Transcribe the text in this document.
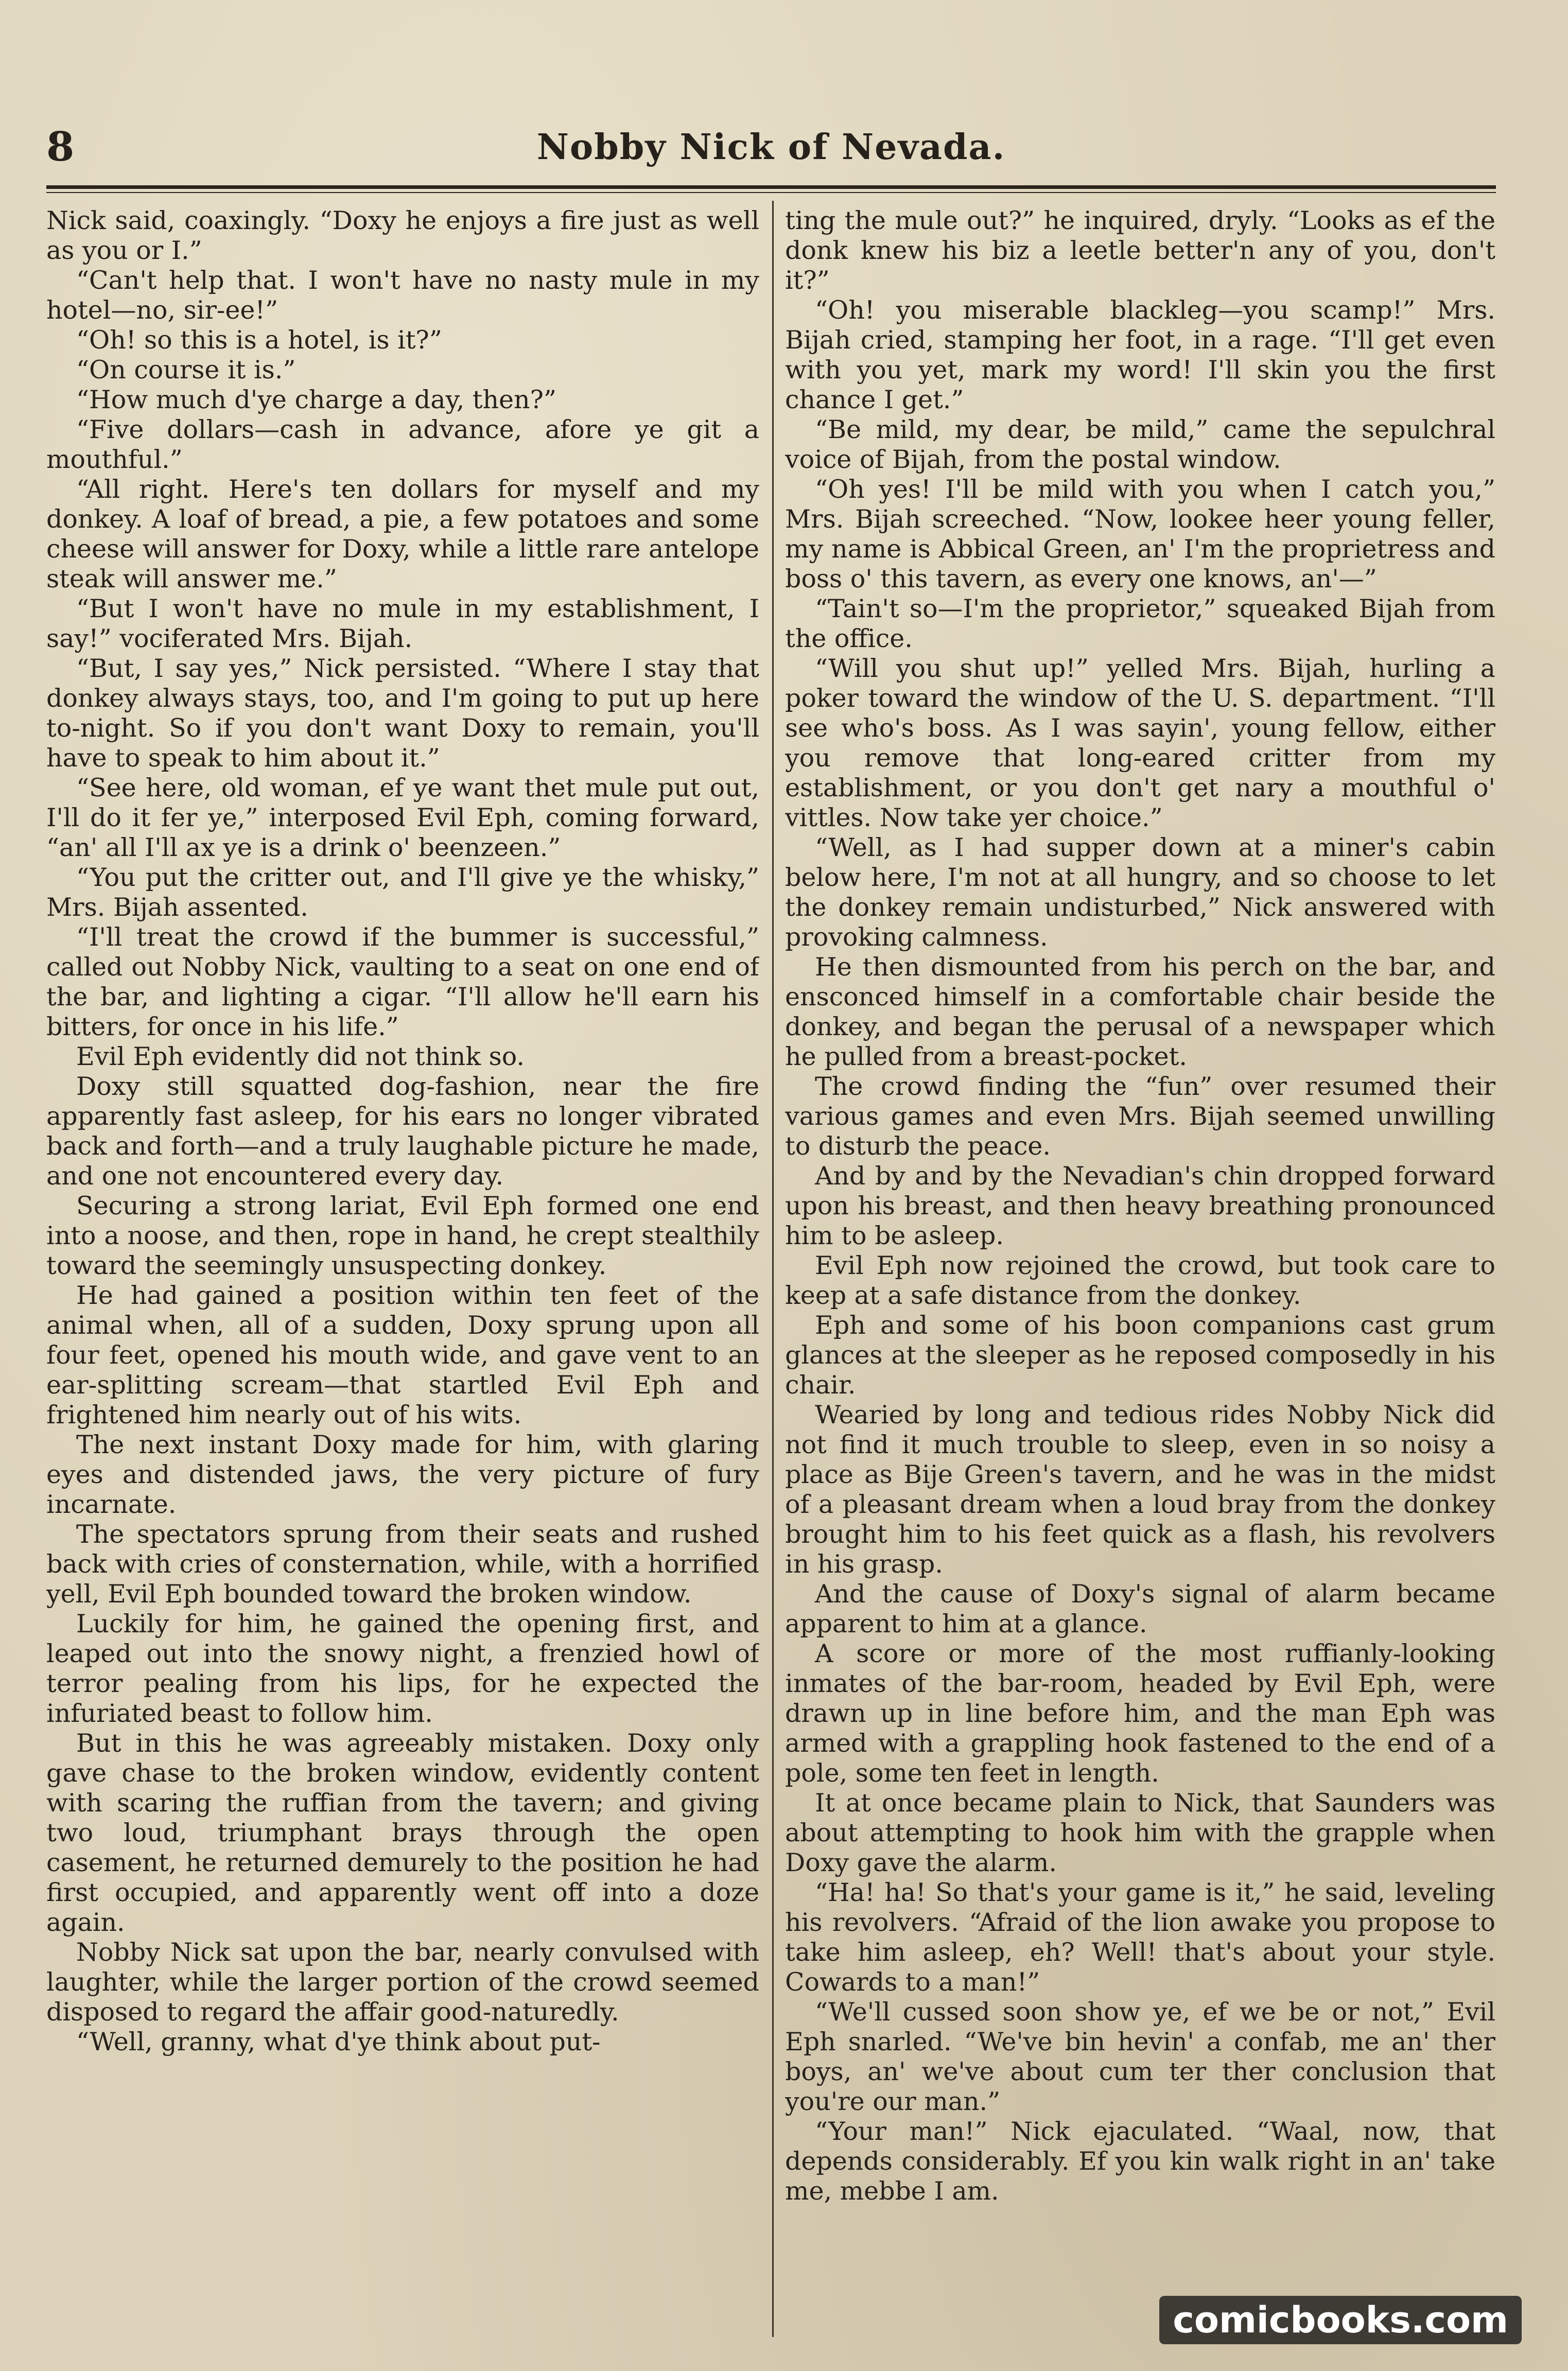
8	Nobby Nick of Nevada.

Nick said, coaxingly. “Doxy he enjoys a fire just as well as you or I.”

“Can't help that. I won't have no nasty mule in my hotel—no, sir-ee!”

“Oh! so this is a hotel, is it?”

“On course it is.”

“How much d'ye charge a day, then?”

“Five dollars—cash in advance, afore ye git a mouthful.”

“All right. Here's ten dollars for myself and my donkey. A loaf of bread, a pie, a few potatoes and some cheese will answer for Doxy, while a little rare antelope steak will answer me.”

“But I won't have no mule in my establishment, I say!” vociferated Mrs. Bijah.

“But, I say yes,” Nick persisted. “Where I stay that donkey always stays, too, and I'm going to put up here to-night. So if you don't want Doxy to remain, you'll have to speak to him about it.”

“See here, old woman, ef ye want thet mule put out, I'll do it fer ye,” interposed Evil Eph, coming forward, “an' all I'll ax ye is a drink o' beenzeen.”

“You put the critter out, and I'll give ye the whisky,” Mrs. Bijah assented.

“I'll treat the crowd if the bummer is successful,” called out Nobby Nick, vaulting to a seat on one end of the bar, and lighting a cigar. “I'll allow he'll earn his bitters, for once in his life.”

Evil Eph evidently did not think so.

Doxy still squatted dog-fashion, near the fire apparently fast asleep, for his ears no longer vibrated back and forth—and a truly laughable picture he made, and one not encountered every day.

Securing a strong lariat, Evil Eph formed one end into a noose, and then, rope in hand, he crept stealthily toward the seemingly unsuspecting donkey.

He had gained a position within ten feet of the animal when, all of a sudden, Doxy sprung upon all four feet, opened his mouth wide, and gave vent to an ear-splitting scream—that startled Evil Eph and frightened him nearly out of his wits.

The next instant Doxy made for him, with glaring eyes and distended jaws, the very picture of fury incarnate.

The spectators sprung from their seats and rushed back with cries of consternation, while, with a horrified yell, Evil Eph bounded toward the broken window.

Luckily for him, he gained the opening first, and leaped out into the snowy night, a frenzied howl of terror pealing from his lips, for he expected the infuriated beast to follow him.

But in this he was agreeably mistaken. Doxy only gave chase to the broken window, evidently content with scaring the ruffian from the tavern; and giving two loud, triumphant brays through the open casement, he returned demurely to the position he had first occupied, and apparently went off into a doze again.

Nobby Nick sat upon the bar, nearly convulsed with laughter, while the larger portion of the crowd seemed disposed to regard the affair good-naturedly.

“Well, granny, what d'ye think about put-

ting the mule out?” he inquired, dryly. “Looks as ef the donk knew his biz a leetle better'n any of you, don't it?”

“Oh! you miserable blackleg—you scamp!” Mrs. Bijah cried, stamping her foot, in a rage. “I'll get even with you yet, mark my word! I'll skin you the first chance I get.”

“Be mild, my dear, be mild,” came the sepulchral voice of Bijah, from the postal window.

“Oh yes! I'll be mild with you when I catch you,” Mrs. Bijah screeched. “Now, lookee heer young feller, my name is Abbical Green, an' I'm the proprietress and boss o' this tavern, as every one knows, an'—”

“Tain't so—I'm the proprietor,” squeaked Bijah from the office.

“Will you shut up!” yelled Mrs. Bijah, hurling a poker toward the window of the U. S. department. “I'll see who's boss. As I was sayin', young fellow, either you remove that long-eared critter from my establishment, or you don't get nary a mouthful o' vittles. Now take yer choice.”

“Well, as I had supper down at a miner's cabin below here, I'm not at all hungry, and so choose to let the donkey remain undisturbed,” Nick answered with provoking calmness.

He then dismounted from his perch on the bar, and ensconced himself in a comfortable chair beside the donkey, and began the perusal of a newspaper which he pulled from a breast-pocket.

The crowd finding the “fun” over resumed their various games and even Mrs. Bijah seemed unwilling to disturb the peace.

And by and by the Nevadian's chin dropped forward upon his breast, and then heavy breathing pronounced him to be asleep.

Evil Eph now rejoined the crowd, but took care to keep at a safe distance from the donkey.

Eph and some of his boon companions cast grum glances at the sleeper as he reposed composedly in his chair.

Wearied by long and tedious rides Nobby Nick did not find it much trouble to sleep, even in so noisy a place as Bije Green's tavern, and he was in the midst of a pleasant dream when a loud bray from the donkey brought him to his feet quick as a flash, his revolvers in his grasp.

And the cause of Doxy's signal of alarm became apparent to him at a glance.

A score or more of the most ruffianly-looking inmates of the bar-room, headed by Evil Eph, were drawn up in line before him, and the man Eph was armed with a grappling hook fastened to the end of a pole, some ten feet in length.

It at once became plain to Nick, that Saunders was about attempting to hook him with the grapple when Doxy gave the alarm.

“Ha! ha! So that's your game is it,” he said, leveling his revolvers. “Afraid of the lion awake you propose to take him asleep, eh? Well! that's about your style. Cowards to a man!”

“We'll cussed soon show ye, ef we be or not,” Evil Eph snarled. “We've bin hevin' a confab, me an' ther boys, an' we've about cum ter ther conclusion that you're our man.”

“Your man!” Nick ejaculated. “Waal, now, that depends considerably. Ef you kin walk right in an' take me, mebbe I am.

comicbooks.com
